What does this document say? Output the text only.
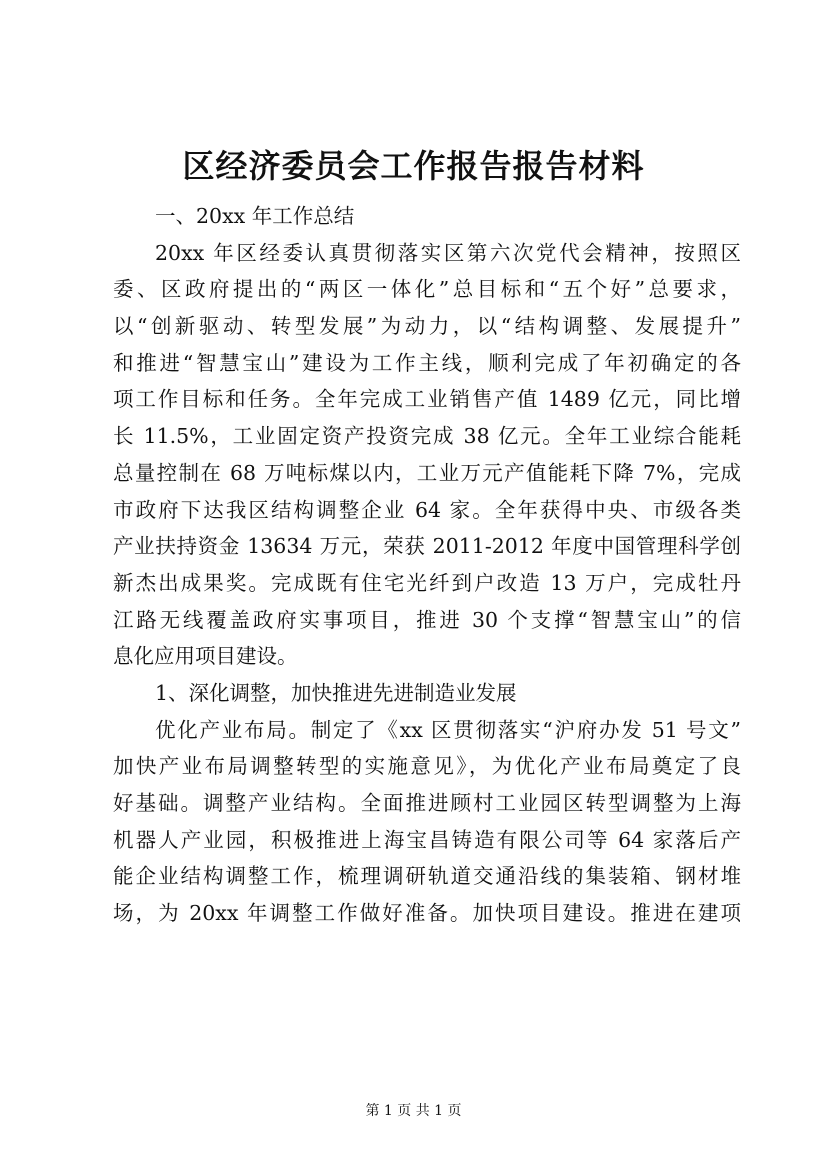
区经济委员会工作报告报告材料
一、20xx 年工作总结
20xx 年区经委认真贯彻落实区第六次党代会精神，按照区
委、区政府提出的“两区一体化”总目标和“五个好”总要求，
以“创新驱动、转型发展”为动力，以“结构调整、发展提升”
和推进“智慧宝山”建设为工作主线，顺利完成了年初确定的各
项工作目标和任务。全年完成工业销售产值 1489 亿元，同比增
长 11.5%，工业固定资产投资完成 38 亿元。全年工业综合能耗
总量控制在 68 万吨标煤以内，工业万元产值能耗下降 7%，完成
市政府下达我区结构调整企业 64 家。全年获得中央、市级各类
产业扶持资金 13634 万元，荣获 2011-2012 年度中国管理科学创
新杰出成果奖。完成既有住宅光纤到户改造 13 万户，完成牡丹
江路无线覆盖政府实事项目，推进 30 个支撑“智慧宝山”的信
息化应用项目建设。
1、深化调整，加快推进先进制造业发展
优化产业布局。制定了《xx 区贯彻落实“沪府办发 51 号文”
加快产业布局调整转型的实施意见》，为优化产业布局奠定了良
好基础。调整产业结构。全面推进顾村工业园区转型调整为上海
机器人产业园，积极推进上海宝昌铸造有限公司等 64 家落后产
能企业结构调整工作，梳理调研轨道交通沿线的集装箱、钢材堆
场，为 20xx 年调整工作做好准备。加快项目建设。推进在建项
第 1 页 共 1 页
